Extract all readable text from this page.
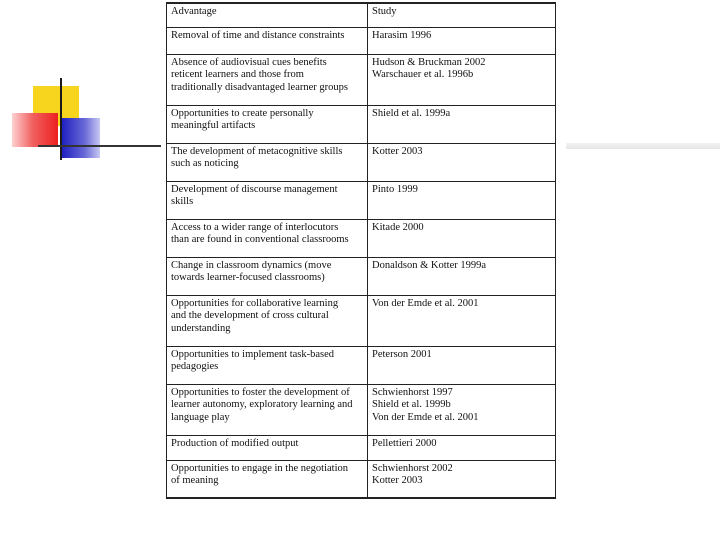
Advantage	Study

Removal of time and distance constraints	Harasim 1996

Absence of audiovisual cues benefits
reticent learners and those from
traditionally disadvantaged learner groups	Hudson & Bruckman 2002
Warschauer et al. 1996b

Opportunities to create personally
meaningful artifacts	Shield et al. 1999a

The development of metacognitive skills
such as noticing	Kotter 2003

Development of discourse management
skills	Pinto 1999

Access to a wider range of interlocutors
than are found in conventional classrooms	Kitade 2000

Change in classroom dynamics (move
towards learner-focused classrooms)	Donaldson & Kotter 1999a

Opportunities for collaborative learning
and the development of cross cultural
understanding	Von der Emde et al. 2001

Opportunities to implement task-based
pedagogies	Peterson 2001

Opportunities to foster the development of
learner autonomy, exploratory learning and
language play	Schwienhorst 1997
Shield et al. 1999b
Von der Emde et al. 2001

Production of modified output	Pellettieri 2000

Opportunities to engage in the negotiation
of meaning	Schwienhorst 2002
Kotter 2003
